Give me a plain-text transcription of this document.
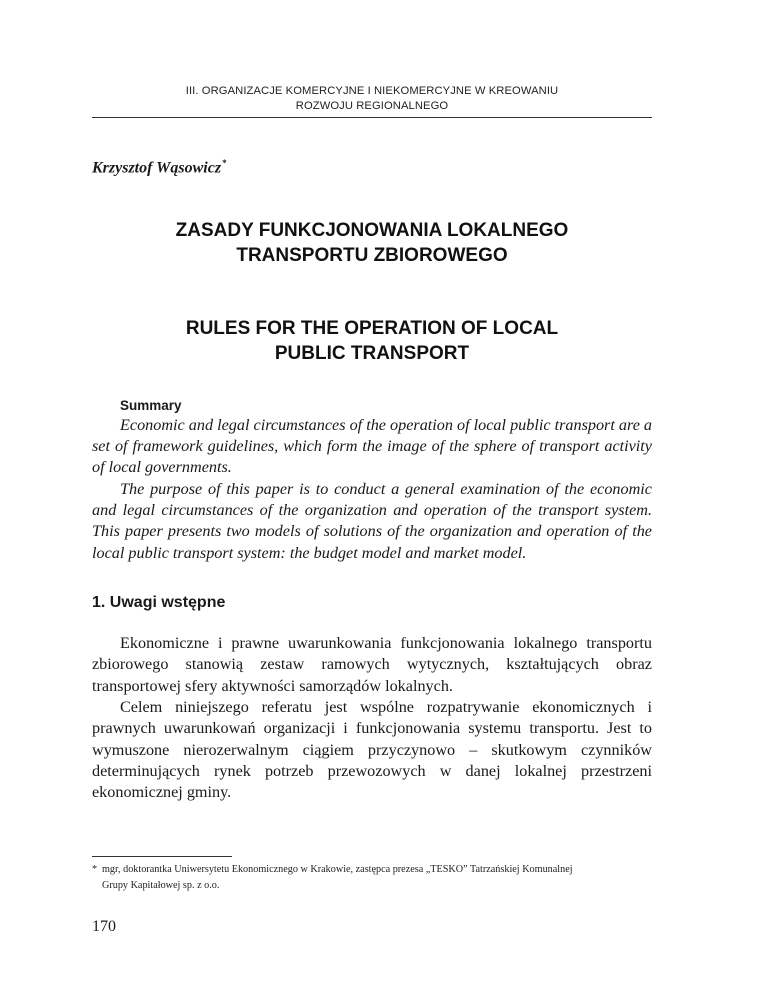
III. ORGANIZACJE KOMERCYJNE I NIEKOMERCYJNE W KREOWANIU
ROZWOJU REGIONALNEGO
Krzysztof Wąsowicz*
ZASADY FUNKCJONOWANIA LOKALNEGO
TRANSPORTU ZBIOROWEGO
RULES FOR THE OPERATION OF LOCAL
PUBLIC TRANSPORT
Summary

Economic and legal circumstances of the operation of local public transport are a set of framework guidelines, which form the image of the sphere of transport activity of local governments.

The purpose of this paper is to conduct a general examination of the economic and legal circumstances of the organization and operation of the transport system. This paper presents two models of solutions of the organization and operation of the local public transport system: the budget model and market model.

1. Uwagi wstępne

Ekonomiczne i prawne uwarunkowania funkcjonowania lokalnego transportu zbiorowego stanowią zestaw ramowych wytycznych, kształtujących obraz transportowej sfery aktywności samorządów lokalnych.

Celem niniejszego referatu jest wspólne rozpatrywanie ekonomicznych i prawnych uwarunkowań organizacji i funkcjonowania systemu transportu. Jest to wymuszone nierozerwalnym ciągiem przyczynowo – skutkowym czynników determinujących rynek potrzeb przewozowych w danej lokalnej przestrzeni ekonomicznej gminy.

* mgr, doktorantka Uniwersytetu Ekonomicznego w Krakowie, zastępca prezesa „TESKO” Tatrzańskiej Komunalnej
Grupy Kapitałowej sp. z o.o.
170
